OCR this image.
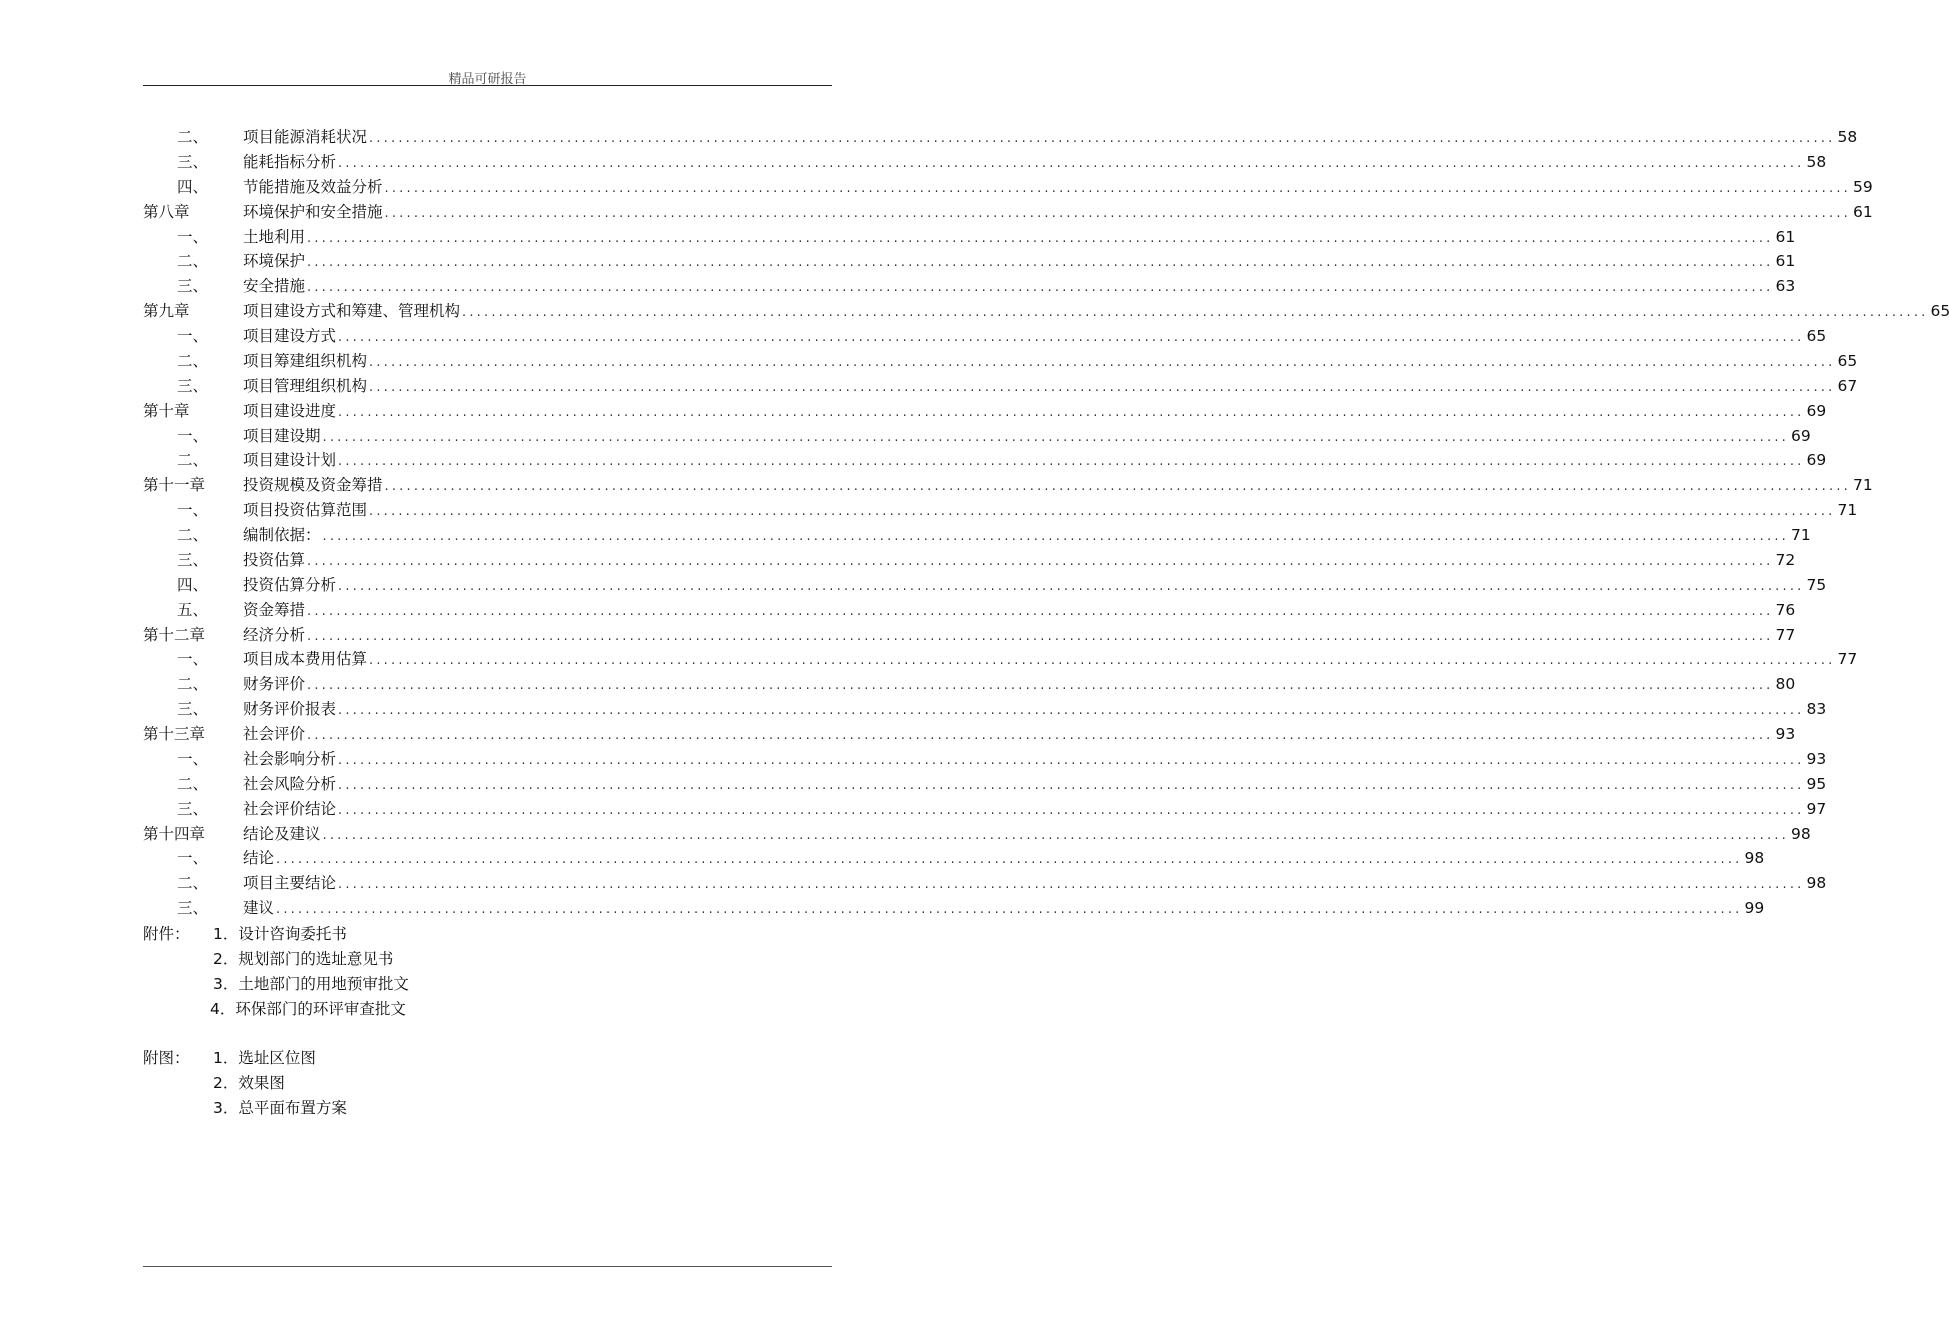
精品可研报告
二、	项目能源消耗状况 ........................................................................................................................................................................................................ 58
三、	能耗指标分析 ........................................................................................................................................................................................................ 58
四、	节能措施及效益分析 ........................................................................................................................................................................................................ 59
第八章	环境保护和安全措施 ........................................................................................................................................................................................................ 61
一、	土地利用 ........................................................................................................................................................................................................ 61
二、	环境保护 ........................................................................................................................................................................................................ 61
三、	安全措施 ........................................................................................................................................................................................................ 63
第九章	项目建设方式和筹建、管理机构 ........................................................................................................................................................................................................ 65
一、	项目建设方式 ........................................................................................................................................................................................................ 65
二、	项目筹建组织机构 ........................................................................................................................................................................................................ 65
三、	项目管理组织机构 ........................................................................................................................................................................................................ 67
第十章	项目建设进度 ........................................................................................................................................................................................................ 69
一、	项目建设期 ........................................................................................................................................................................................................ 69
二、	项目建设计划 ........................................................................................................................................................................................................ 69
第十一章	投资规模及资金筹措 ........................................................................................................................................................................................................ 71
一、	项目投资估算范围 ........................................................................................................................................................................................................ 71
二、	编制依据： ........................................................................................................................................................................................................ 71
三、	投资估算 ........................................................................................................................................................................................................ 72
四、	投资估算分析 ........................................................................................................................................................................................................ 75
五、	资金筹措 ........................................................................................................................................................................................................ 76
第十二章	经济分析 ........................................................................................................................................................................................................ 77
一、	项目成本费用估算 ........................................................................................................................................................................................................ 77
二、	财务评价 ........................................................................................................................................................................................................ 80
三、	财务评价报表 ........................................................................................................................................................................................................ 83
第十三章	社会评价 ........................................................................................................................................................................................................ 93
一、	社会影响分析 ........................................................................................................................................................................................................ 93
二、	社会风险分析 ........................................................................................................................................................................................................ 95
三、	社会评价结论 ........................................................................................................................................................................................................ 97
第十四章	结论及建议 ........................................................................................................................................................................................................ 98
一、	结论 ........................................................................................................................................................................................................ 98
二、	项目主要结论 ........................................................................................................................................................................................................ 98
三、	建议 ........................................................................................................................................................................................................ 99
附件： 1．设计咨询委托书
2．规划部门的选址意见书
3．土地部门的用地预审批文
4．环保部门的环评审查批文
附图： 1．选址区位图
2．效果图
3．总平面布置方案
